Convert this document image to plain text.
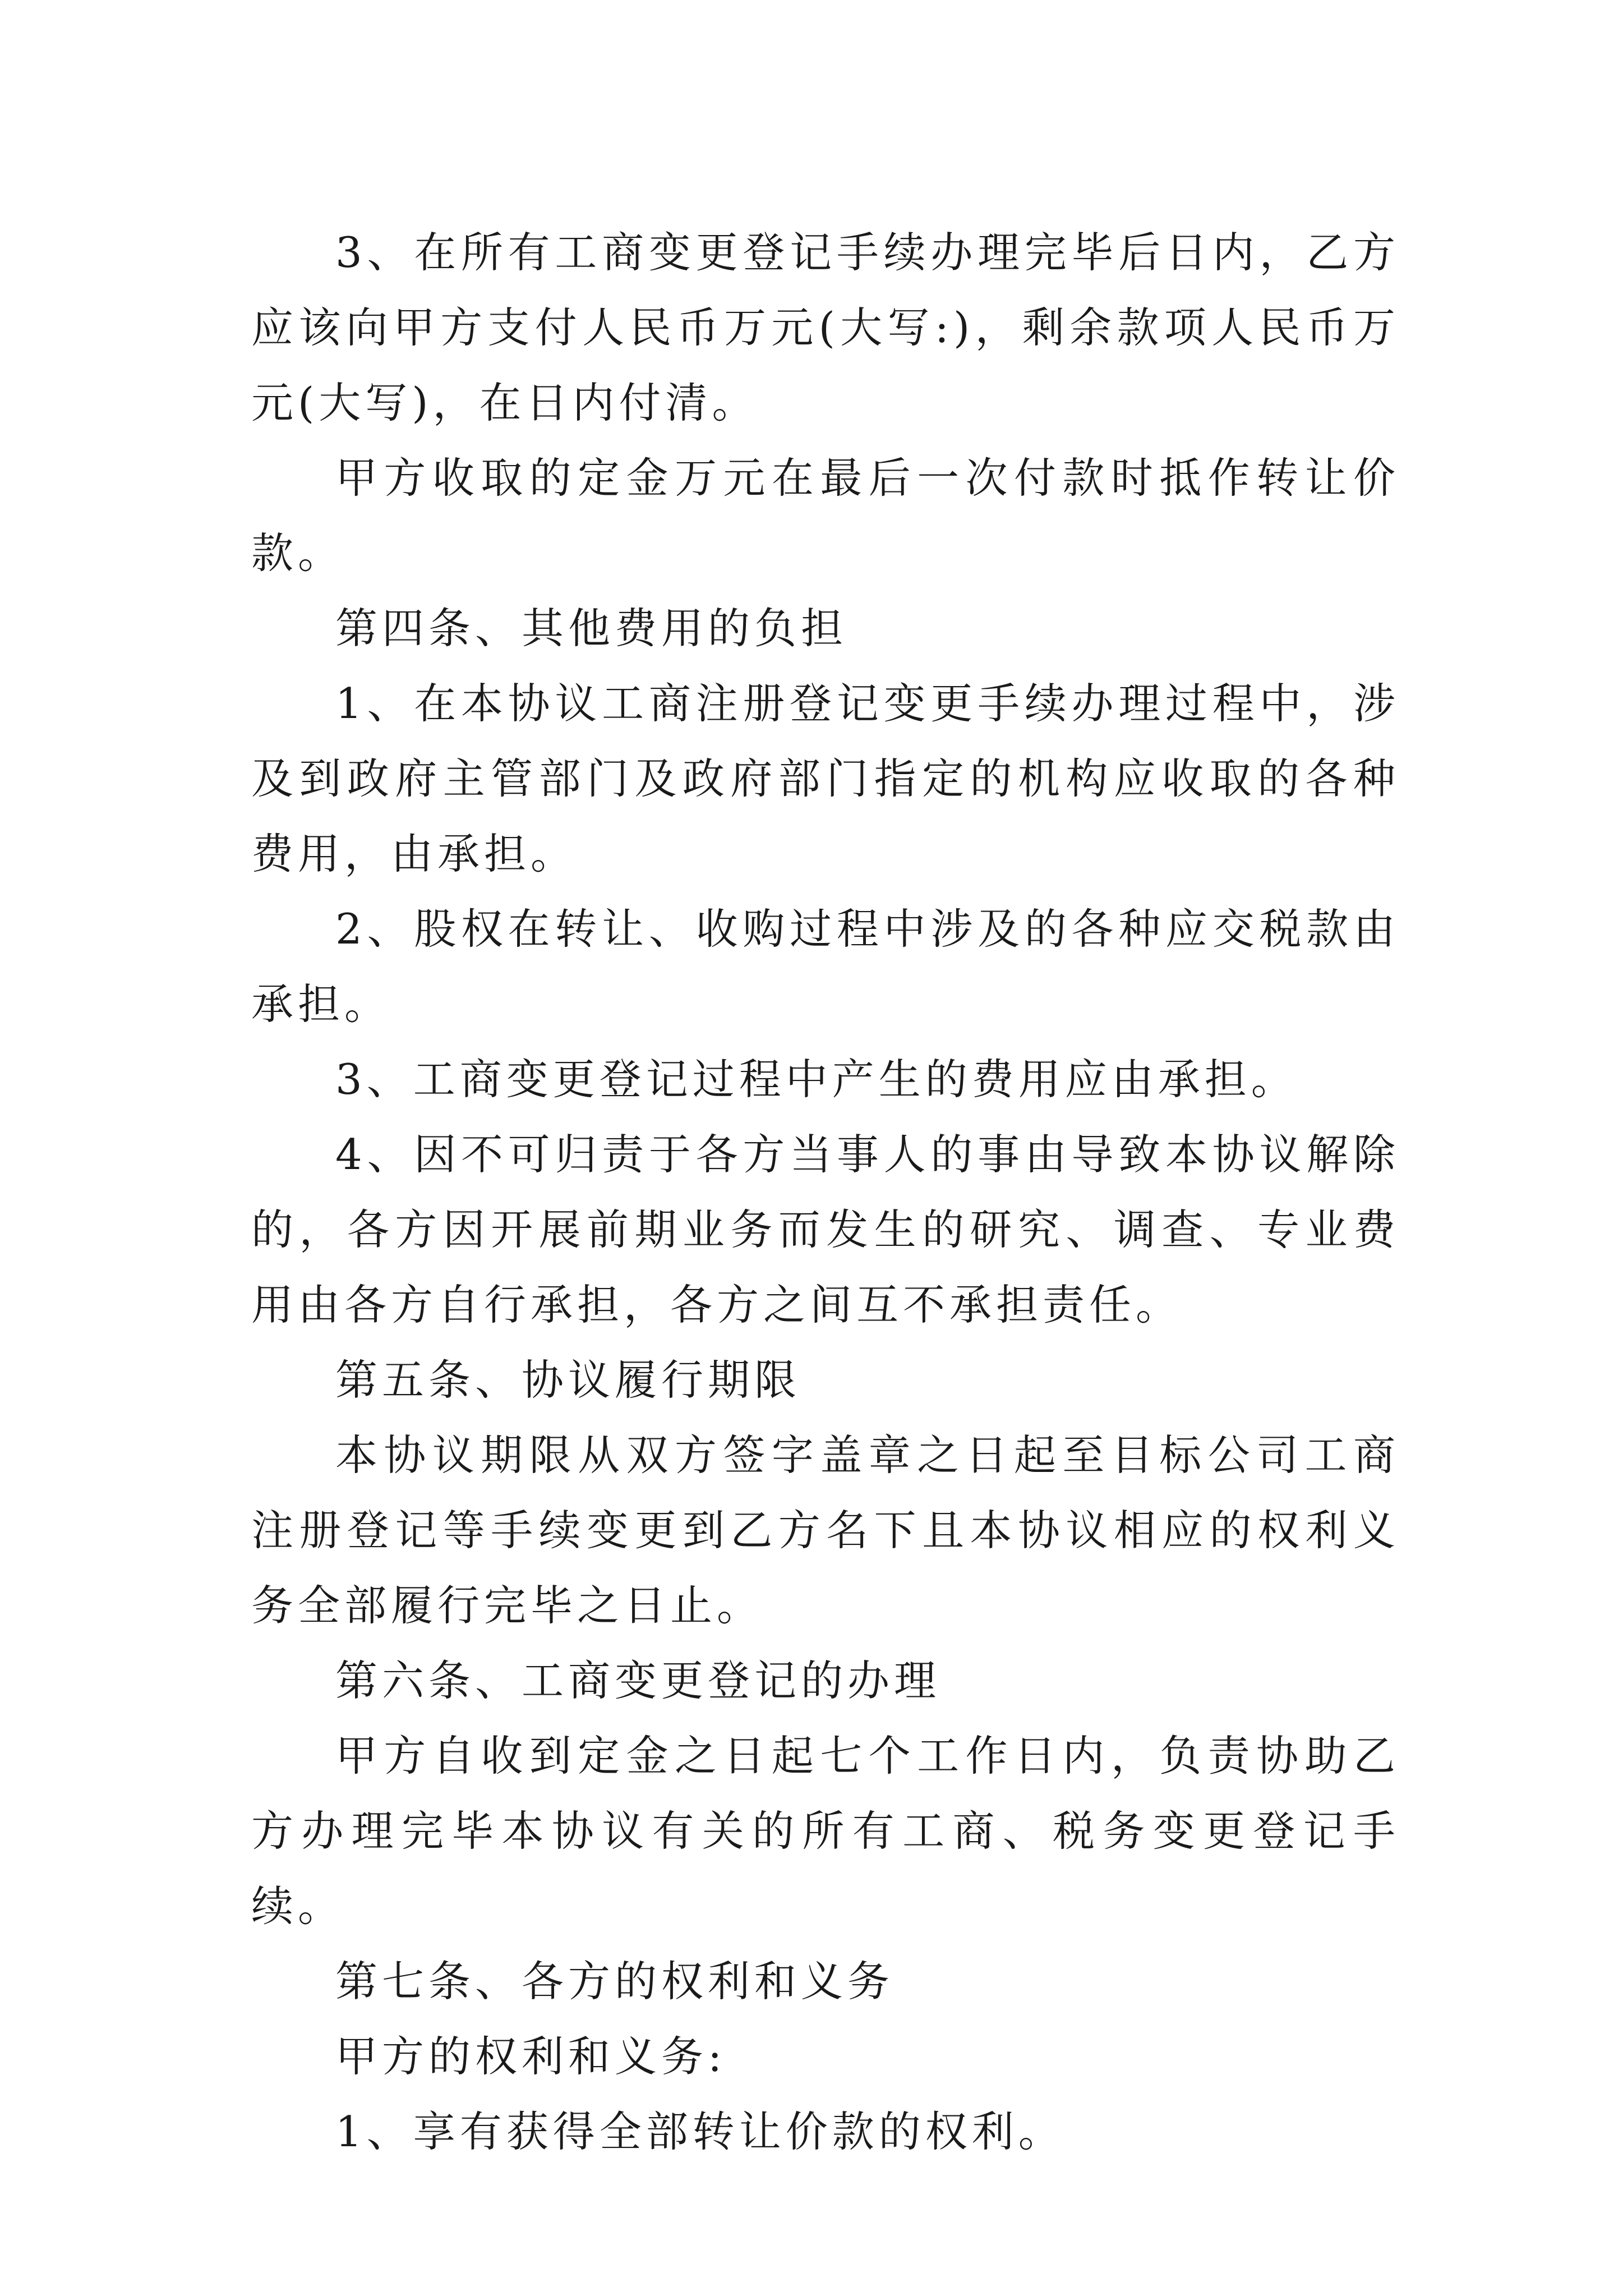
3、在所有工商变更登记手续办理完毕后日内，乙方应该向甲方支付人民币万元(大写:)，剩余款项人民币万元(大写)，在日内付清。

甲方收取的定金万元在最后一次付款时抵作转让价款。

第四条、其他费用的负担

1、在本协议工商注册登记变更手续办理过程中，涉及到政府主管部门及政府部门指定的机构应收取的各种费用，由承担。

2、股权在转让、收购过程中涉及的各种应交税款由承担。

3、工商变更登记过程中产生的费用应由承担。

4、因不可归责于各方当事人的事由导致本协议解除的，各方因开展前期业务而发生的研究、调查、专业费用由各方自行承担，各方之间互不承担责任。

第五条、协议履行期限

本协议期限从双方签字盖章之日起至目标公司工商注册登记等手续变更到乙方名下且本协议相应的权利义务全部履行完毕之日止。

第六条、工商变更登记的办理

甲方自收到定金之日起七个工作日内，负责协助乙方办理完毕本协议有关的所有工商、税务变更登记手续。

第七条、各方的权利和义务

甲方的权利和义务:

1、享有获得全部转让价款的权利。
